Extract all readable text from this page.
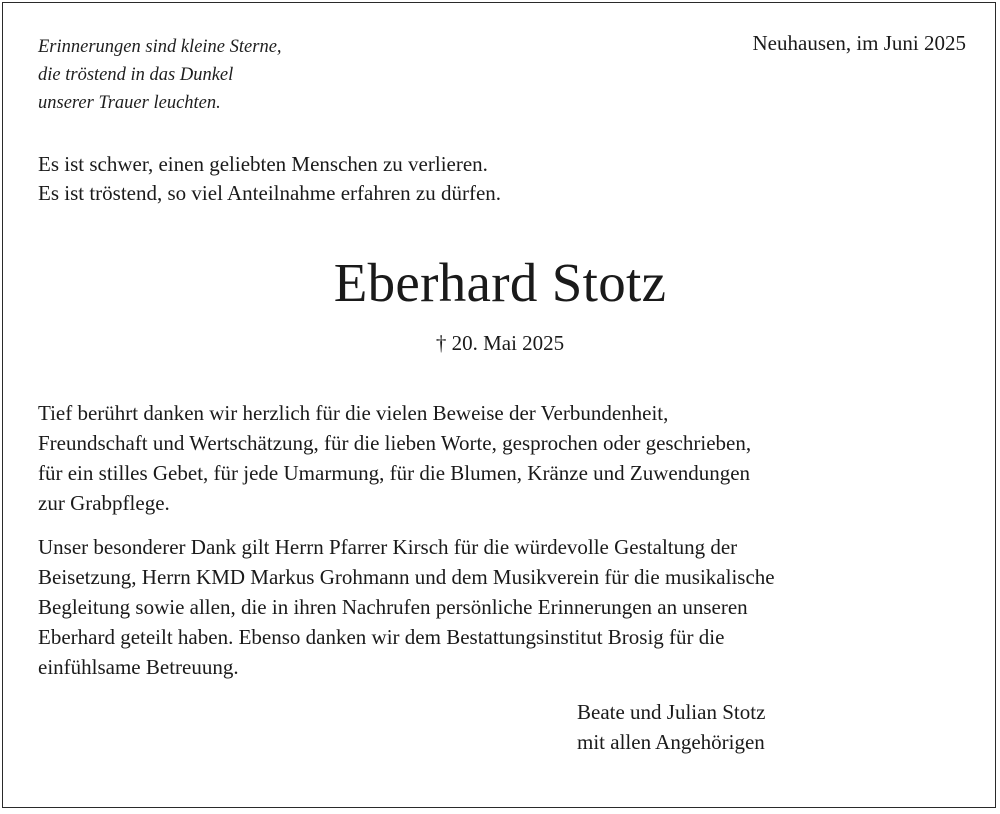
Erinnerungen sind kleine Sterne,
die tröstend in das Dunkel
unserer Trauer leuchten.
Neuhausen, im Juni 2025
Es ist schwer, einen geliebten Menschen zu verlieren.
Es ist tröstend, so viel Anteilnahme erfahren zu dürfen.
Eberhard Stotz
† 20. Mai 2025
Tief berührt danken wir herzlich für die vielen Beweise der Verbundenheit,
Freundschaft und Wertschätzung, für die lieben Worte, gesprochen oder geschrieben,
für ein stilles Gebet, für jede Umarmung, für die Blumen, Kränze und Zuwendungen
zur Grabpflege.
Unser besonderer Dank gilt Herrn Pfarrer Kirsch für die würdevolle Gestaltung der
Beisetzung, Herrn KMD Markus Grohmann und dem Musikverein für die musikalische
Begleitung sowie allen, die in ihren Nachrufen persönliche Erinnerungen an unseren
Eberhard geteilt haben. Ebenso danken wir dem Bestattungsinstitut Brosig für die
einfühlsame Betreuung.
Beate und Julian Stotz
mit allen Angehörigen
